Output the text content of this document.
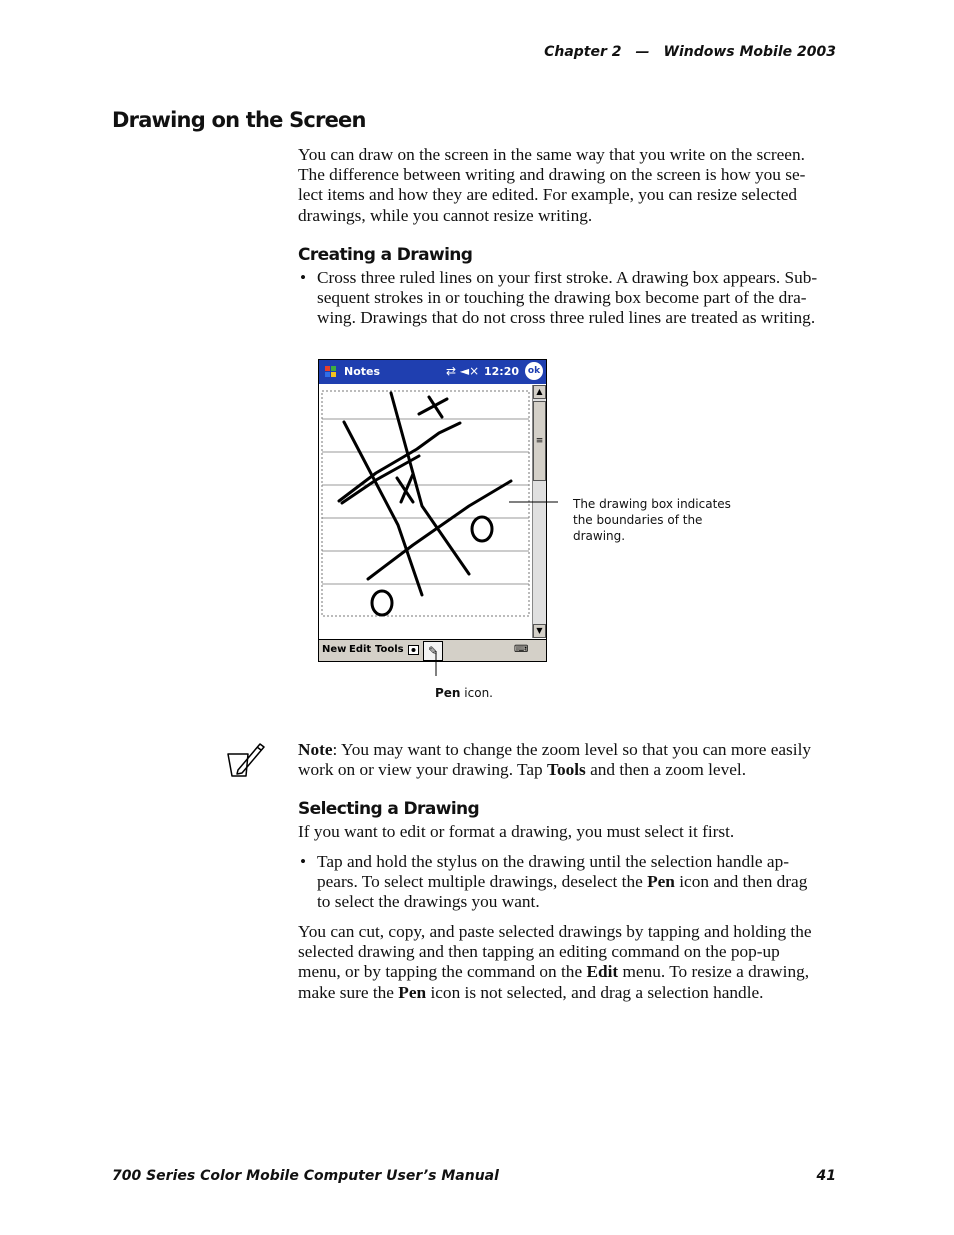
Chapter 2 — Windows Mobile 2003
Drawing on the Screen
You can draw on the screen in the same way that you write on the screen.
The difference between writing and drawing on the screen is how you se-
lect items and how they are edited. For example, you can resize selected
drawings, while you cannot resize writing.
Creating a Drawing
• Cross three ruled lines on your first stroke. A drawing box appears. Sub-
sequent strokes in or touching the drawing box become part of the dra-
wing. Drawings that do not cross three ruled lines are treated as writing.
Notes	⇄ ◄× 12:20 ok
▲
≡
▼
New Edit Tools	✎	⌨
The drawing box indicates
the boundaries of the
drawing.
Pen icon.
Note: You may want to change the zoom level so that you can more easily
work on or view your drawing. Tap Tools and then a zoom level.
Selecting a Drawing
If you want to edit or format a drawing, you must select it first.
• Tap and hold the stylus on the drawing until the selection handle ap-
pears. To select multiple drawings, deselect the Pen icon and then drag
to select the drawings you want.
You can cut, copy, and paste selected drawings by tapping and holding the
selected drawing and then tapping an editing command on the pop-up
menu, or by tapping the command on the Edit menu. To resize a drawing,
make sure the Pen icon is not selected, and drag a selection handle.
700 Series Color Mobile Computer User’s Manual	41
